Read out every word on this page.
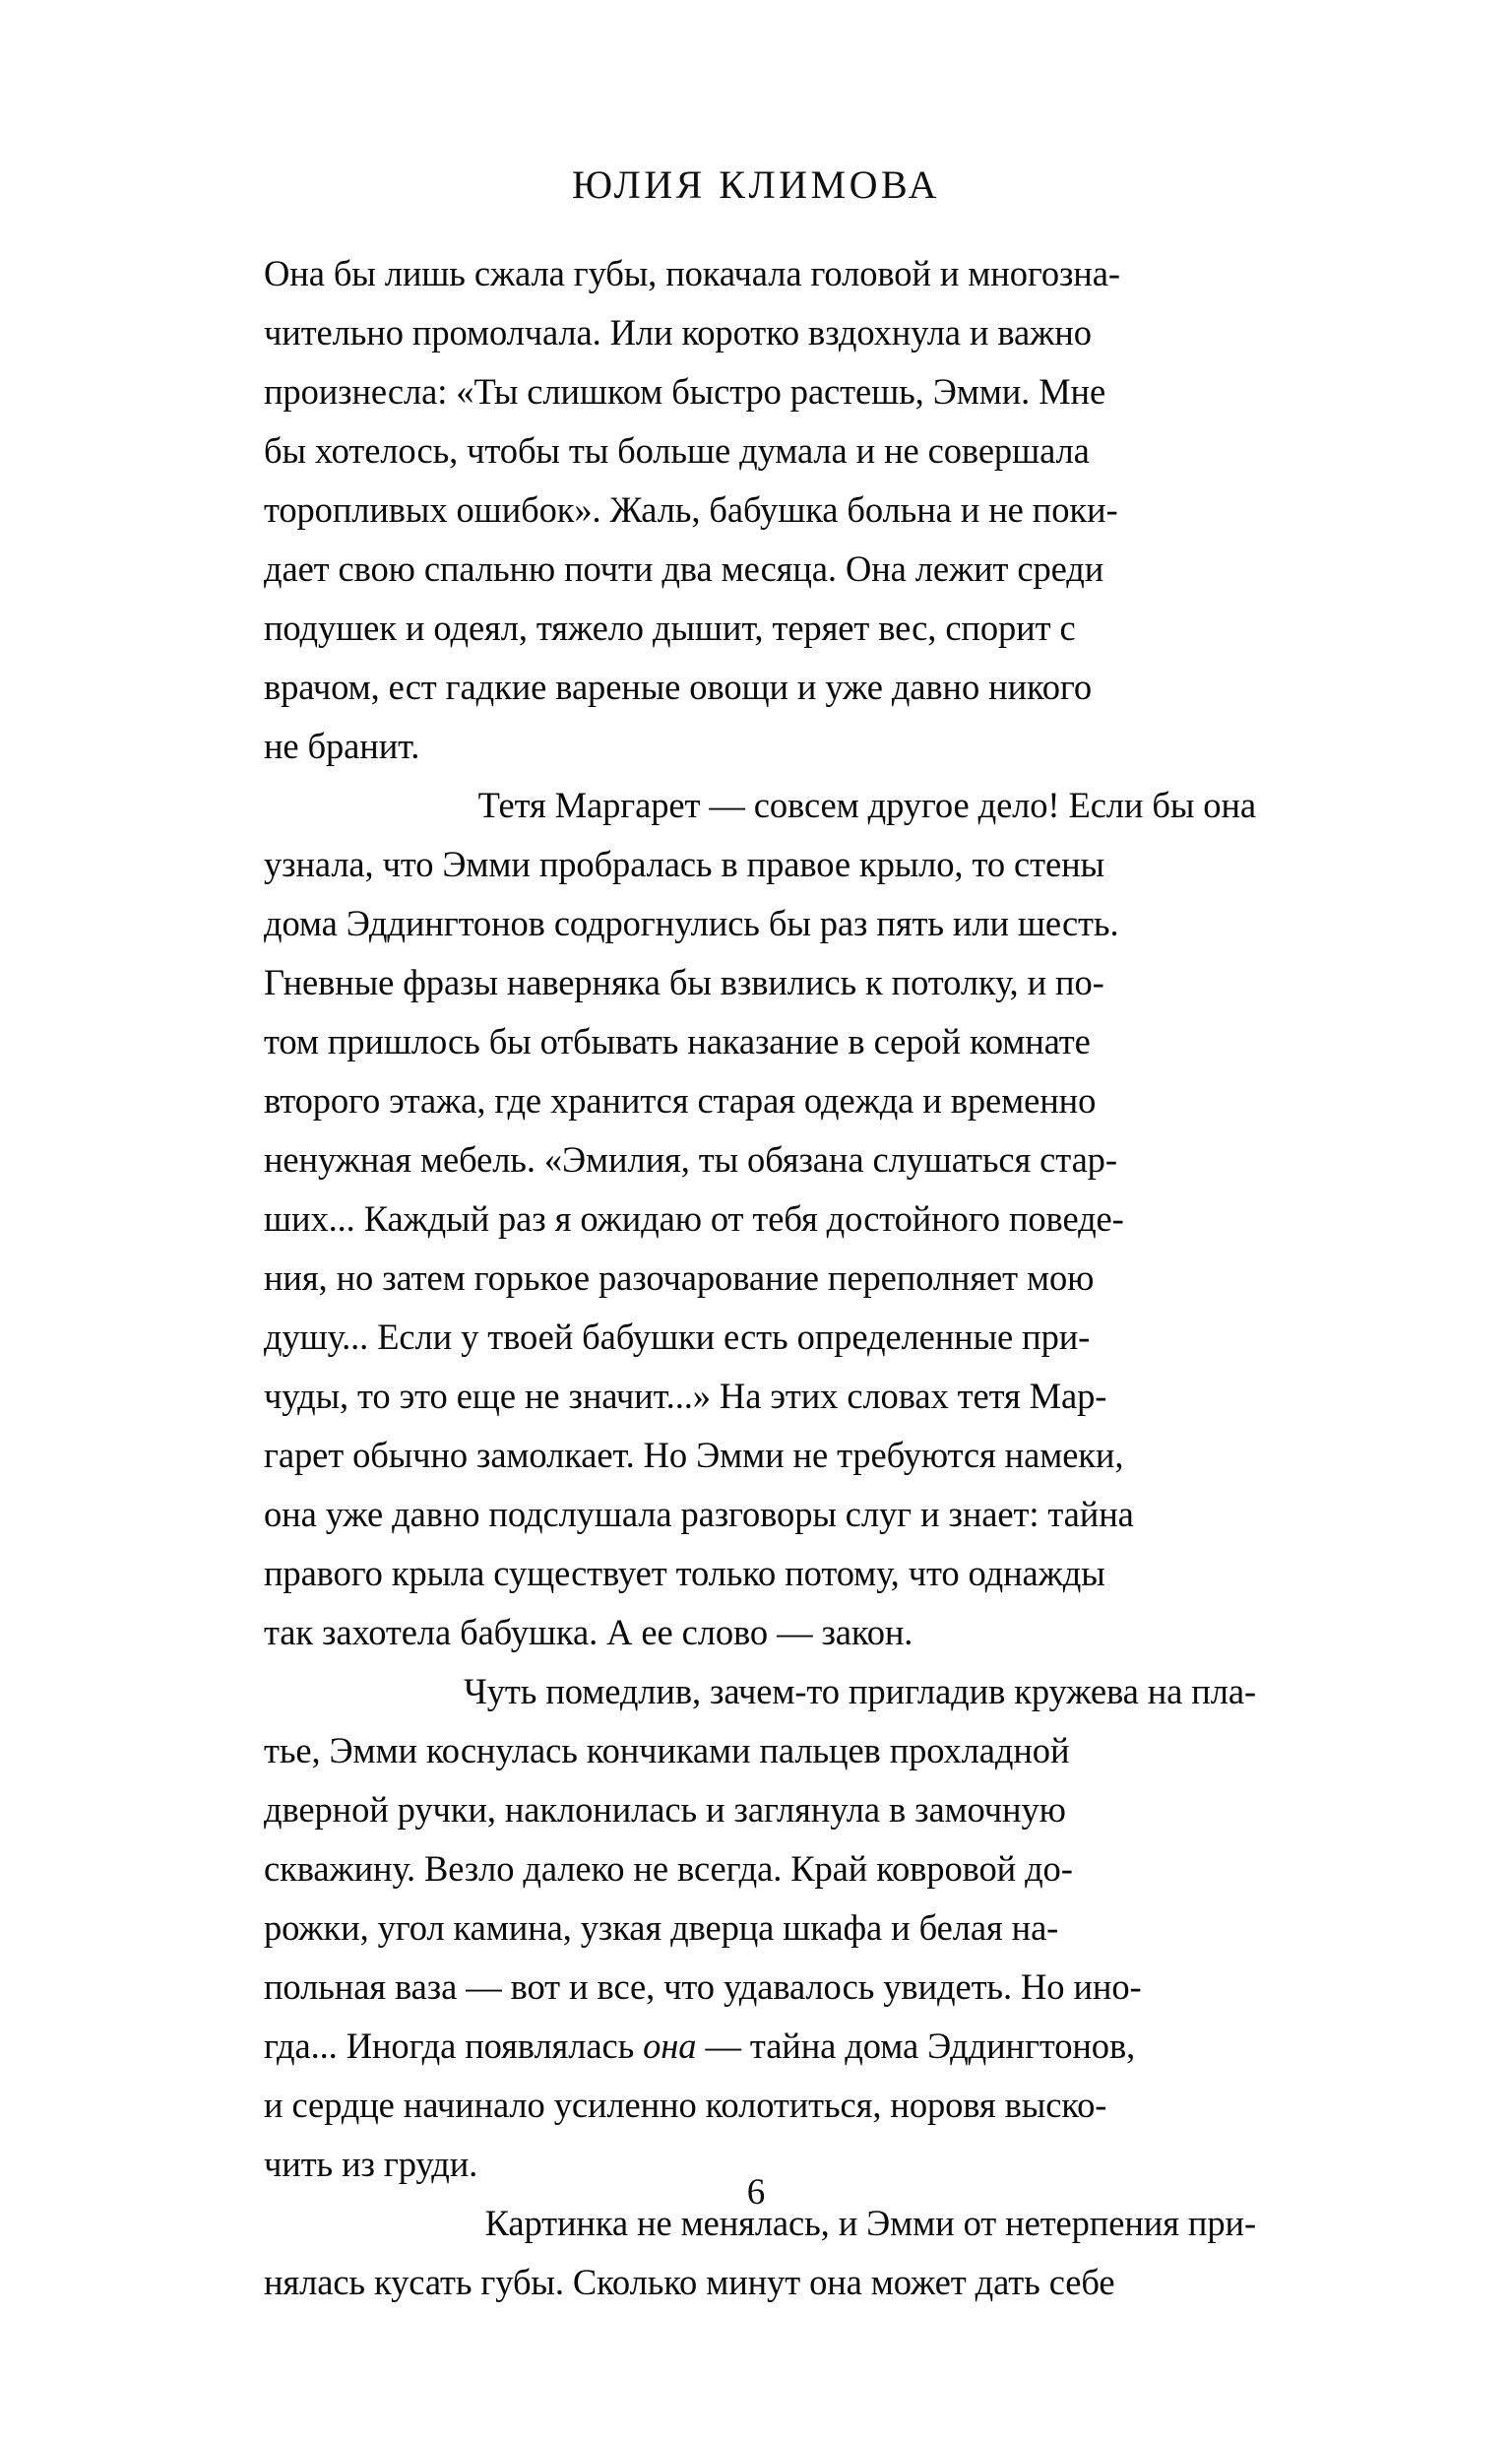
ЮЛИЯ КЛИМОВА

Она бы лишь сжала губы, покачала головой и многозна-
чительно промолчала. Или коротко вздохнула и важно
произнесла: «Ты слишком быстро растешь, Эмми. Мне
бы хотелось, чтобы ты больше думала и не совершала
торопливых ошибок». Жаль, бабушка больна и не поки-
дает свою спальню почти два месяца. Она лежит среди
подушек и одеял, тяжело дышит, теряет вес, спорит с
врачом, ест гадкие вареные овощи и уже давно никого
не бранит.

Тетя Маргарет — совсем другое дело! Если бы она
узнала, что Эмми пробралась в правое крыло, то стены
дома Эддингтонов содрогнулись бы раз пять или шесть.
Гневные фразы наверняка бы взвились к потолку, и по-
том пришлось бы отбывать наказание в серой комнате
второго этажа, где хранится старая одежда и временно
ненужная мебель. «Эмилия, ты обязана слушаться стар-
ших... Каждый раз я ожидаю от тебя достойного поведе-
ния, но затем горькое разочарование переполняет мою
душу... Если у твоей бабушки есть определенные при-
чуды, то это еще не значит...» На этих словах тетя Мар-
гарет обычно замолкает. Но Эмми не требуются намеки,
она уже давно подслушала разговоры слуг и знает: тайна
правого крыла существует только потому, что однажды
так захотела бабушка. А ее слово — закон.

Чуть помедлив, зачем-то пригладив кружева на пла-
тье, Эмми коснулась кончиками пальцев прохладной
дверной ручки, наклонилась и заглянула в замочную
скважину. Везло далеко не всегда. Край ковровой до-
рожки, угол камина, узкая дверца шкафа и белая на-
польная ваза — вот и все, что удавалось увидеть. Но ино-
гда... Иногда появлялась она — тайна дома Эддингтонов,
и сердце начинало усиленно колотиться, норовя выско-
чить из груди.

Картинка не менялась, и Эмми от нетерпения при-
нялась кусать губы. Сколько минут она может дать себе

6
